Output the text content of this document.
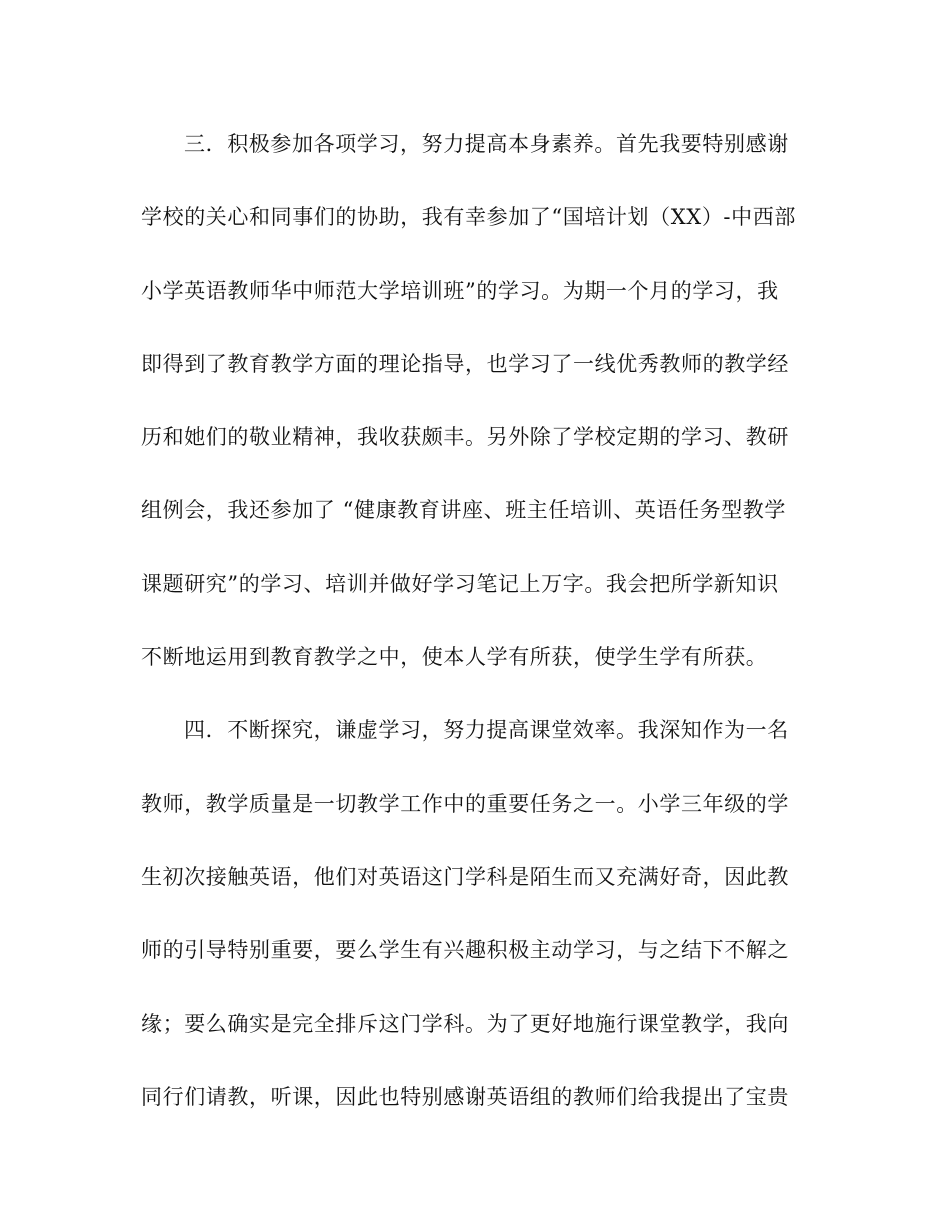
三．积极参加各项学习，努力提高本身素养。首先我要特别感谢
学校的关心和同事们的协助，我有幸参加了“国培计划（XX）-中西部
小学英语教师华中师范大学培训班”的学习。为期一个月的学习，我
即得到了教育教学方面的理论指导，也学习了一线优秀教师的教学经
历和她们的敬业精神，我收获颇丰。另外除了学校定期的学习、教研
组例会，我还参加了 “健康教育讲座、班主任培训、英语任务型教学
课题研究”的学习、培训并做好学习笔记上万字。我会把所学新知识
不断地运用到教育教学之中，使本人学有所获，使学生学有所获。
四．不断探究，谦虚学习，努力提高课堂效率。我深知作为一名
教师，教学质量是一切教学工作中的重要任务之一。小学三年级的学
生初次接触英语，他们对英语这门学科是陌生而又充满好奇，因此教
师的引导特别重要，要么学生有兴趣积极主动学习，与之结下不解之
缘；要么确实是完全排斥这门学科。为了更好地施行课堂教学，我向
同行们请教，听课，因此也特别感谢英语组的教师们给我提出了宝贵
